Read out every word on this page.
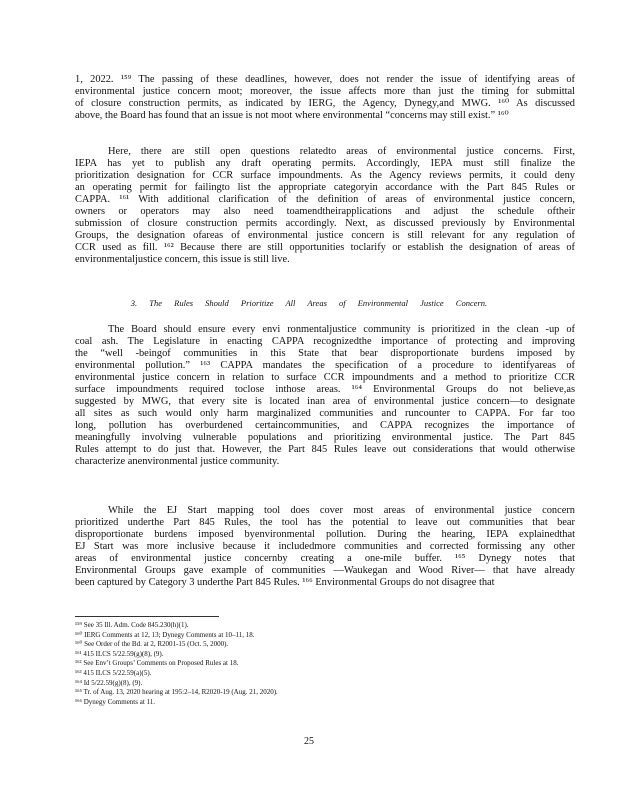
1, 2022. ¹⁵⁹ The passing of these deadlines, however, does not render the issue of identifying areas of
environmental justice concern moot; moreover, the issue affects more than just the timing for submittal
of closure construction permits, as indicated by IERG, the Agency, Dynegy,and MWG. ¹⁶⁰ As discussed
above, the Board has found that an issue is not moot where environmental “concerns may still exist.” ¹⁶⁰
Here, there are still open questions relatedto areas of environmental justice concerns. First,
IEPA has yet to publish any draft operating permits. Accordingly, IEPA must still finalize the
prioritization designation for CCR surface impoundments. As the Agency reviews permits, it could deny
an operating permit for failingto list the appropriate categoryin accordance with the Part 845 Rules or
CAPPA. ¹⁶¹ With additional clarification of the definition of areas of environmental justice concern,
owners or operators may also need toamendtheirapplications and adjust the schedule oftheir
submission of closure construction permits accordingly. Next, as discussed previously by Environmental
Groups, the designation ofareas of environmental justice concern is still relevant for any regulation of
CCR used as fill. ¹⁶² Because there are still opportunities toclarify or establish the designation of areas of
environmentaljustice concern, this issue is still live.
The Board should ensure every envi ronmentaljustice community is prioritized in the clean -up of
coal ash. The Legislature in enacting CAPPA recognizedthe importance of protecting and improving
the “well -beingof communities in this State that bear disproportionate burdens imposed by
environmental pollution.” ¹⁶³ CAPPA mandates the specification of a procedure to identifyareas of
environmental justice concern in relation to surface CCR impoundments and a method to prioritize CCR
surface impoundments required toclose inthose areas. ¹⁶⁴ Environmental Groups do not believe,as
suggested by MWG, that every site is located inan area of environmental justice concern—to designate
all sites as such would only harm marginalized communities and runcounter to CAPPA. For far too
long, pollution has overburdened certaincommunities, and CAPPA recognizes the importance of
meaningfully involving vulnerable populations and prioritizing environmental justice. The Part 845
Rules attempt to do just that. However, the Part 845 Rules leave out considerations that would otherwise
characterize anenvironmental justice community.
While the EJ Start mapping tool does cover most areas of environmental justice concern
prioritized underthe Part 845 Rules, the tool has the potential to leave out communities that bear
disproportionate burdens imposed byenvironmental pollution. During the hearing, IEPA explainedthat
EJ Start was more inclusive because it includedmore communities and corrected formissing any other
areas of environmental justice concernby creating a one-mile buffer. ¹⁶⁵ Dynegy notes that
Environmental Groups gave example of communities —Waukegan and Wood River— that have already
been captured by Category 3 underthe Part 845 Rules. ¹⁶⁶ Environmental Groups do not disagree that
3. The Rules Should Prioritize All Areas of Environmental Justice Concern.
¹⁵⁹ See 35 Ill. Adm. Code 845.230(h)(1).
¹⁶⁰ IERG Comments at 12, 13; Dynegy Comments at 10–11, 18.
¹⁶⁰ See Order of the Bd. at 2, R2001-15 (Oct. 5, 2000).
¹⁶¹ 415 ILCS 5/22.59(g)(8), (9).
¹⁶² See Env’t Groups’ Comments on Proposed Rules at 18.
¹⁶³ 415 ILCS 5/22.59(a)(5).
¹⁶⁴ Id 5/22.59(g)(8), (9).
¹⁶⁵ Tr. of Aug. 13, 2020 hearing at 195:2–14, R2020-19 (Aug. 21, 2020).
¹⁶⁶ Dynegy Comments at 11.
25
